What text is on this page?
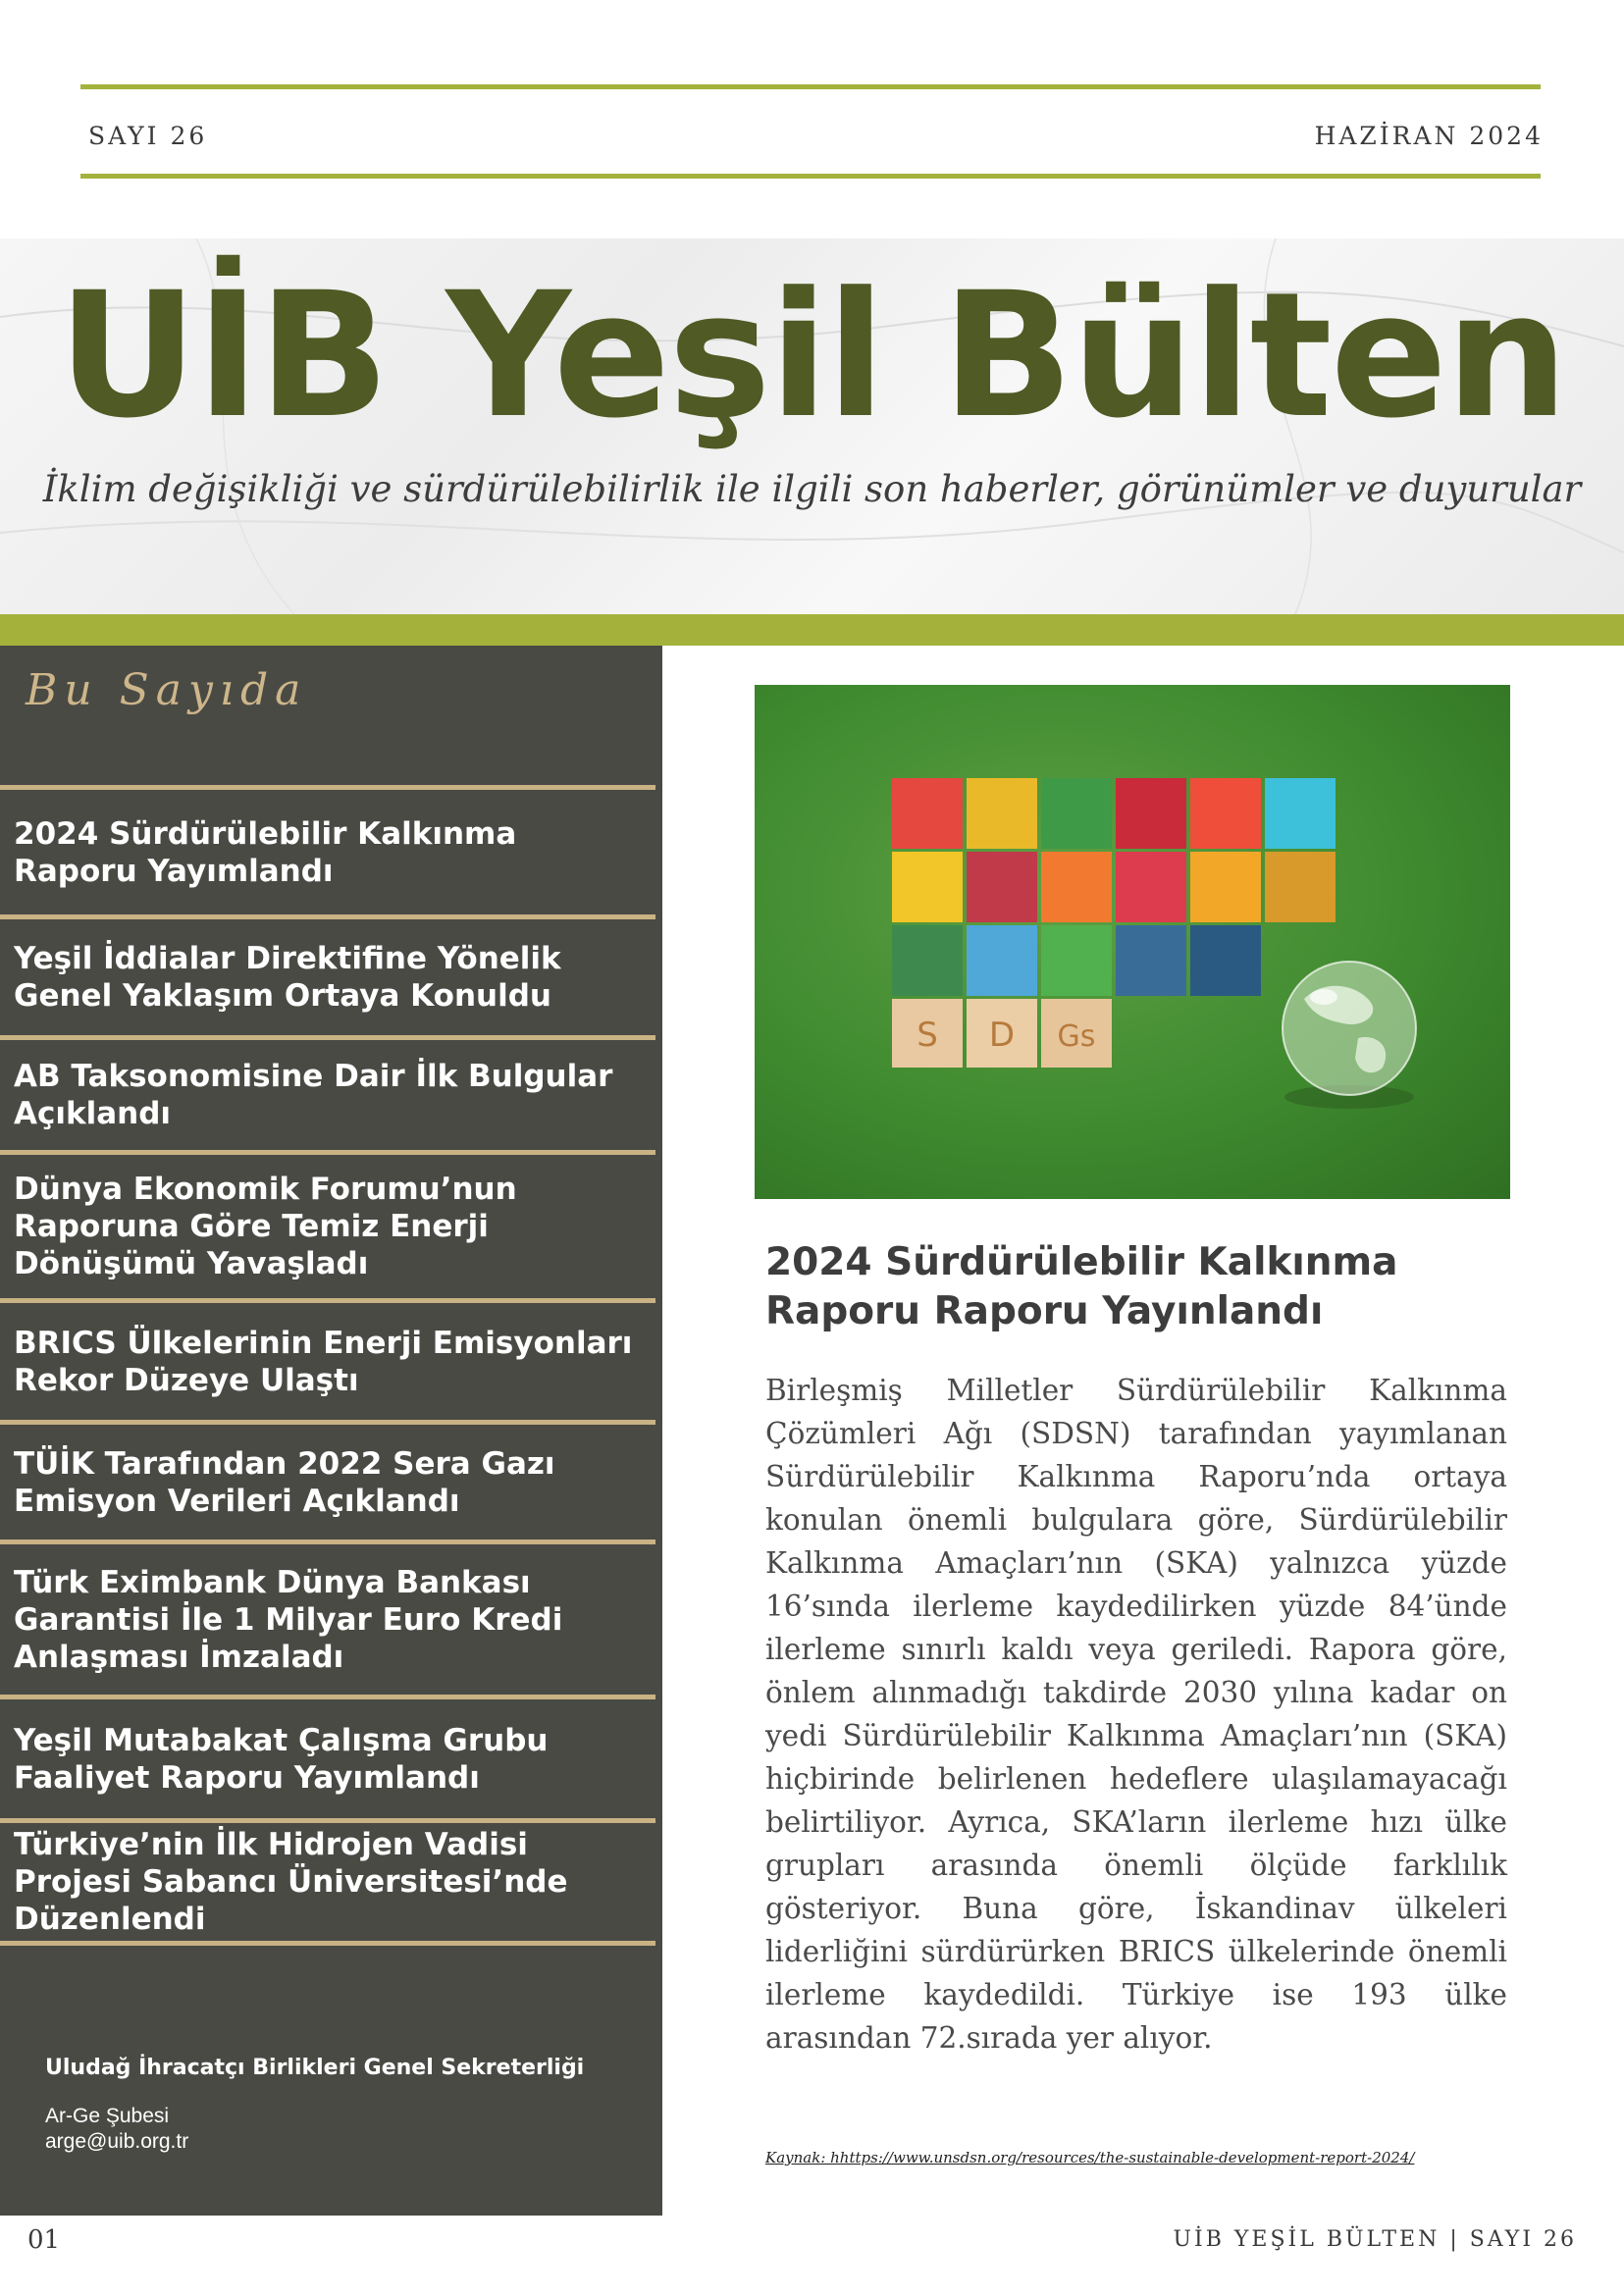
SAYI 26	HAZİRAN 2024
UİB Yeşil Bülten
İklim değişikliği ve sürdürülebilirlik ile ilgili son haberler, görünümler ve duyurular
Bu Sayıda
2024 Sürdürülebilir Kalkınma Raporu Yayımlandı
Yeşil İddialar Direktifine Yönelik Genel Yaklaşım Ortaya Konuldu
AB Taksonomisine Dair İlk Bulgular Açıklandı
Dünya Ekonomik Forumu’nun Raporuna Göre Temiz Enerji Dönüşümü Yavaşladı
BRICS Ülkelerinin Enerji Emisyonları Rekor Düzeye Ulaştı
TÜİK Tarafından 2022 Sera Gazı Emisyon Verileri Açıklandı
Türk Eximbank Dünya Bankası Garantisi İle 1 Milyar Euro Kredi Anlaşması İmzaladı
Yeşil Mutabakat Çalışma Grubu Faaliyet Raporu Yayımlandı
Türkiye’nin İlk Hidrojen Vadisi Projesi Sabancı Üniversitesi’nde Düzenlendi
Uludağ İhracatçı Birlikleri Genel Sekreterliği
Ar-Ge Şubesi
arge@uib.org.tr
S D Gs
2024 Sürdürülebilir Kalkınma Raporu Raporu Yayınlandı
Birleşmiş Milletler Sürdürülebilir Kalkınma Çözümleri Ağı (SDSN) tarafından yayımlanan Sürdürülebilir Kalkınma Raporu’nda ortaya konulan önemli bulgulara göre, Sürdürülebilir Kalkınma Amaçları’nın (SKA) yalnızca yüzde 16’sında ilerleme kaydedilirken yüzde 84’ünde ilerleme sınırlı kaldı veya geriledi. Rapora göre, önlem alınmadığı takdirde 2030 yılına kadar on yedi Sürdürülebilir Kalkınma Amaçları’nın (SKA) hiçbirinde belirlenen hedeflere ulaşılamayacağı belirtiliyor. Ayrıca, SKA’ların ilerleme hızı ülke grupları arasında önemli ölçüde farklılık gösteriyor. Buna göre, İskandinav ülkeleri liderliğini sürdürürken BRICS ülkelerinde önemli ilerleme kaydedildi. Türkiye ise 193 ülke arasından 72.sırada yer alıyor.
Kaynak: hhttps://www.unsdsn.org/resources/the-sustainable-development-report-2024/
01	UİB YEŞİL BÜLTEN | SAYI 26
